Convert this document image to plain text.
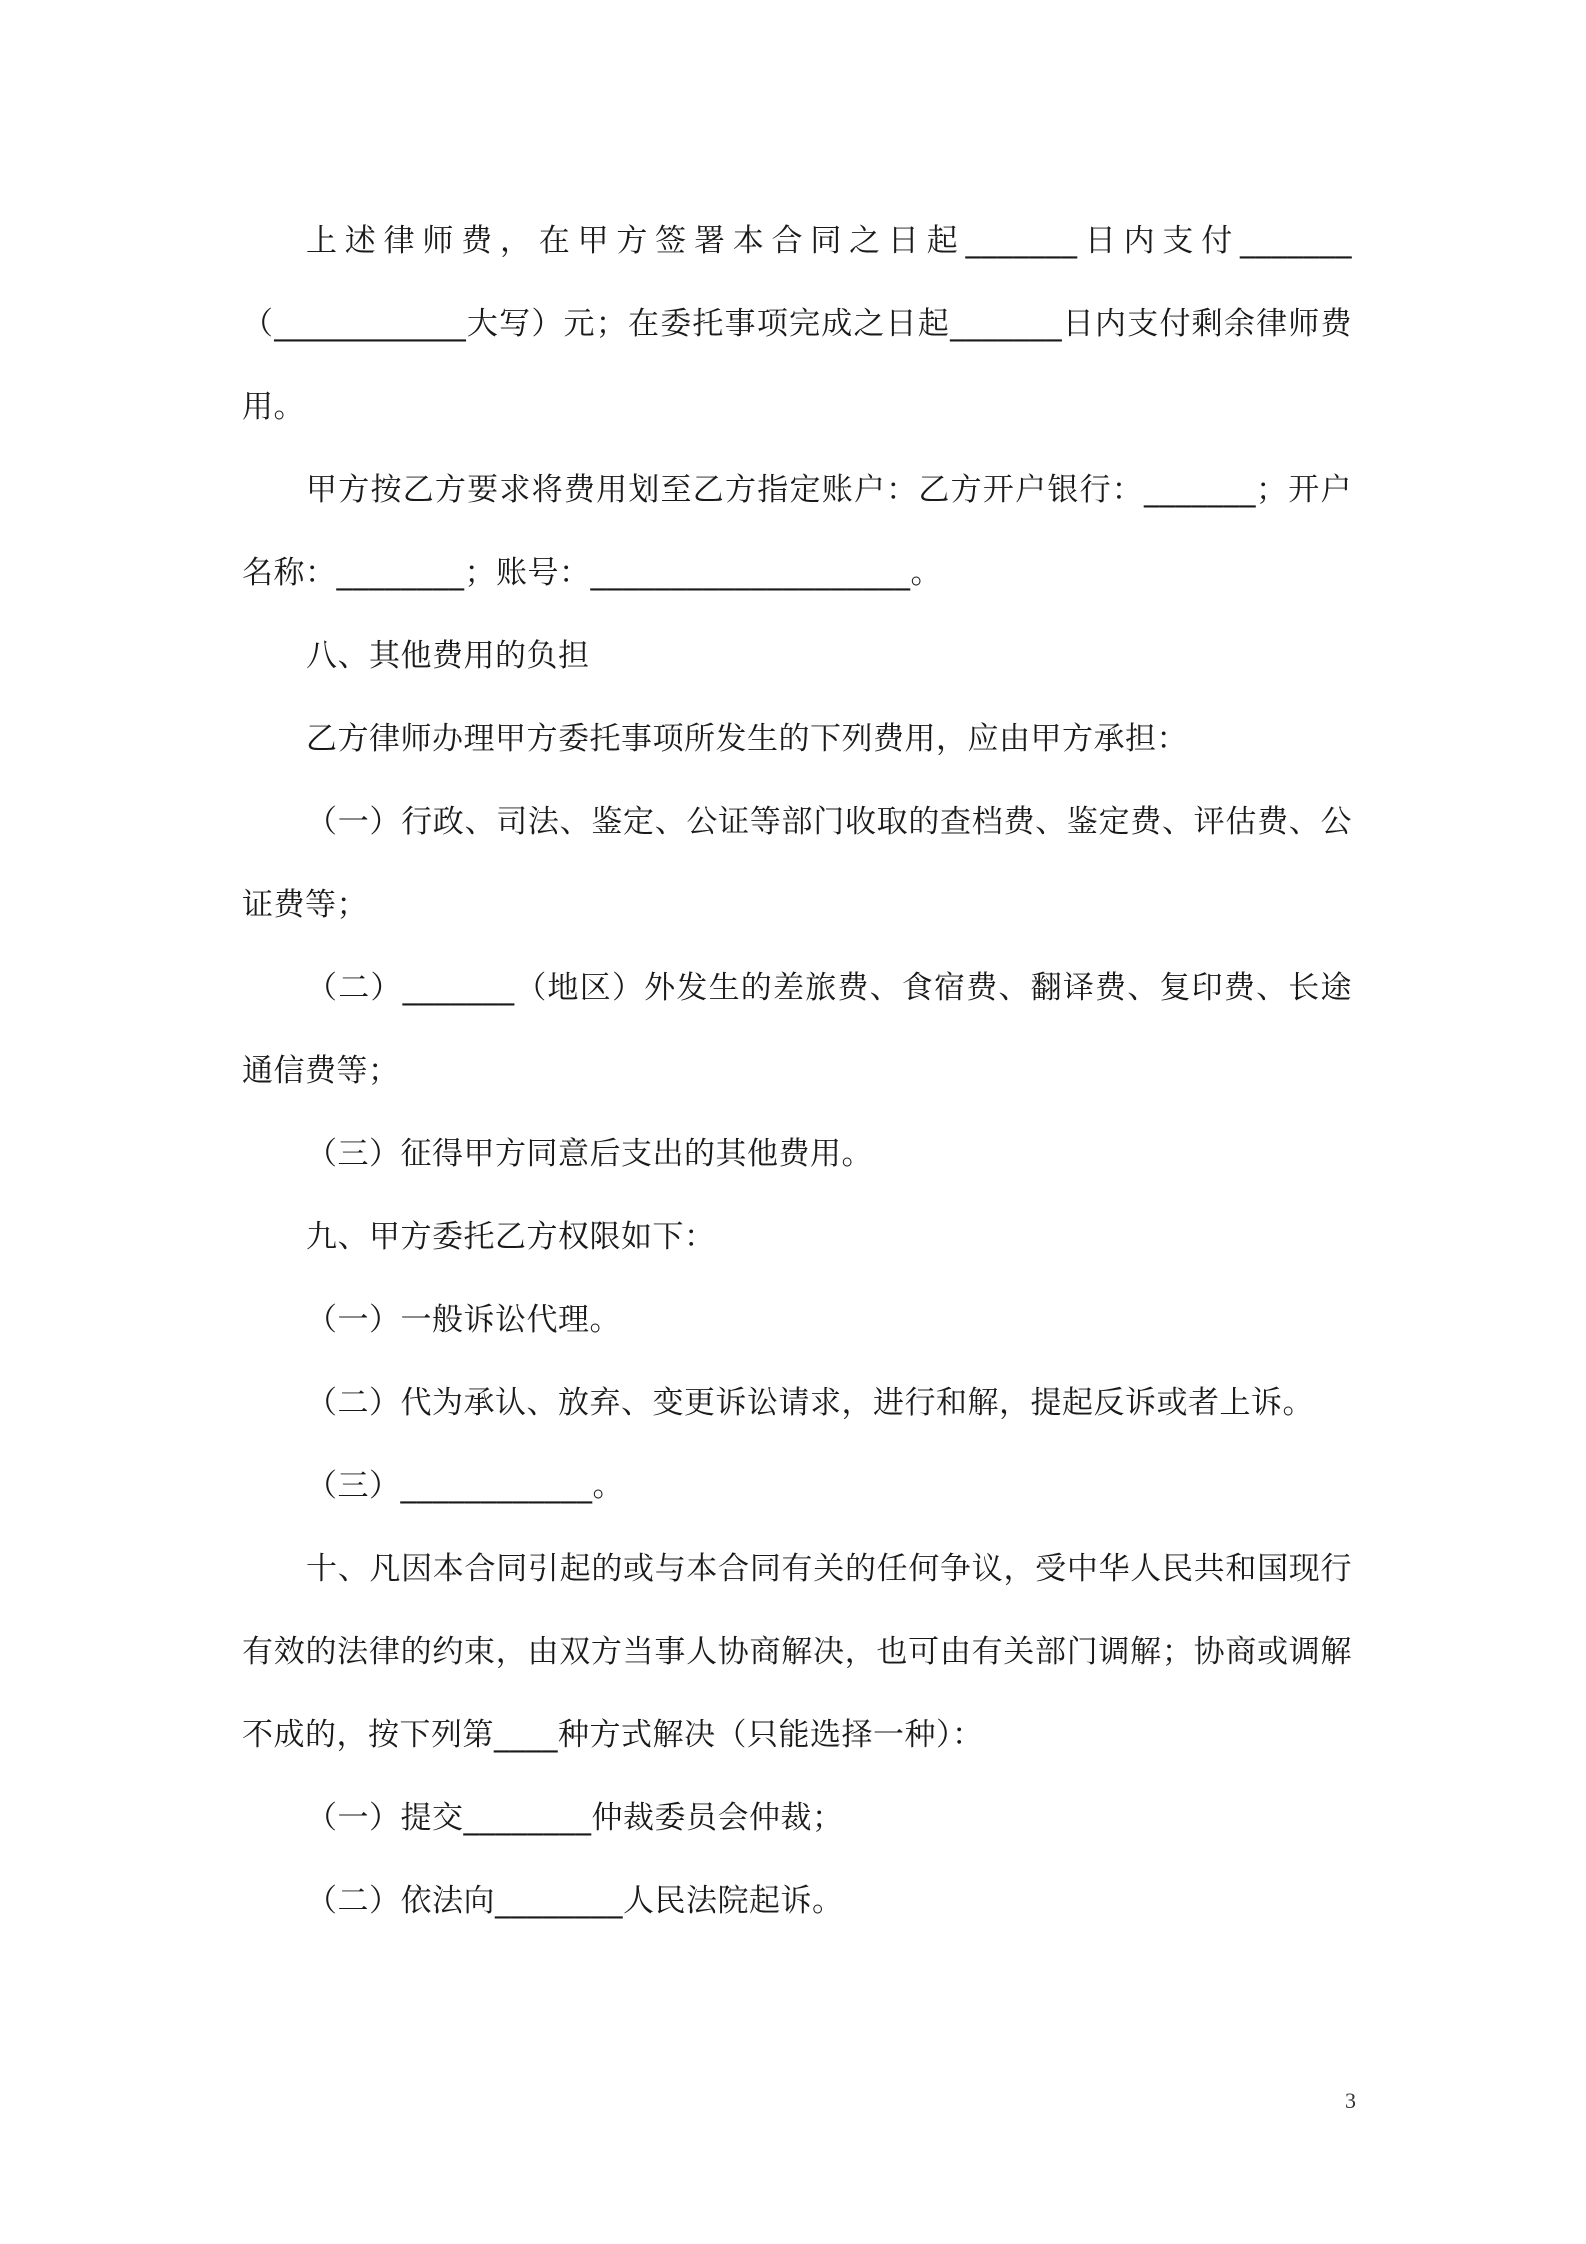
上述律师费，在甲方签署本合同之日起_______日内支付_______（____________大写）元；在委托事项完成之日起_______日内支付剩余律师费用。

甲方按乙方要求将费用划至乙方指定账户：乙方开户银行：_______；开户名称：________；账号：____________________。

八、其他费用的负担

乙方律师办理甲方委托事项所发生的下列费用，应由甲方承担：

（一）行政、司法、鉴定、公证等部门收取的查档费、鉴定费、评估费、公证费等；

（二）_______（地区）外发生的差旅费、食宿费、翻译费、复印费、长途通信费等；

（三）征得甲方同意后支出的其他费用。

九、甲方委托乙方权限如下：

（一）一般诉讼代理。

（二）代为承认、放弃、变更诉讼请求，进行和解，提起反诉或者上诉。

（三）____________。

十、凡因本合同引起的或与本合同有关的任何争议，受中华人民共和国现行有效的法律的约束，由双方当事人协商解决，也可由有关部门调解；协商或调解不成的，按下列第____种方式解决（只能选择一种）：

（一）提交________仲裁委员会仲裁；

（二）依法向________人民法院起诉。

3
